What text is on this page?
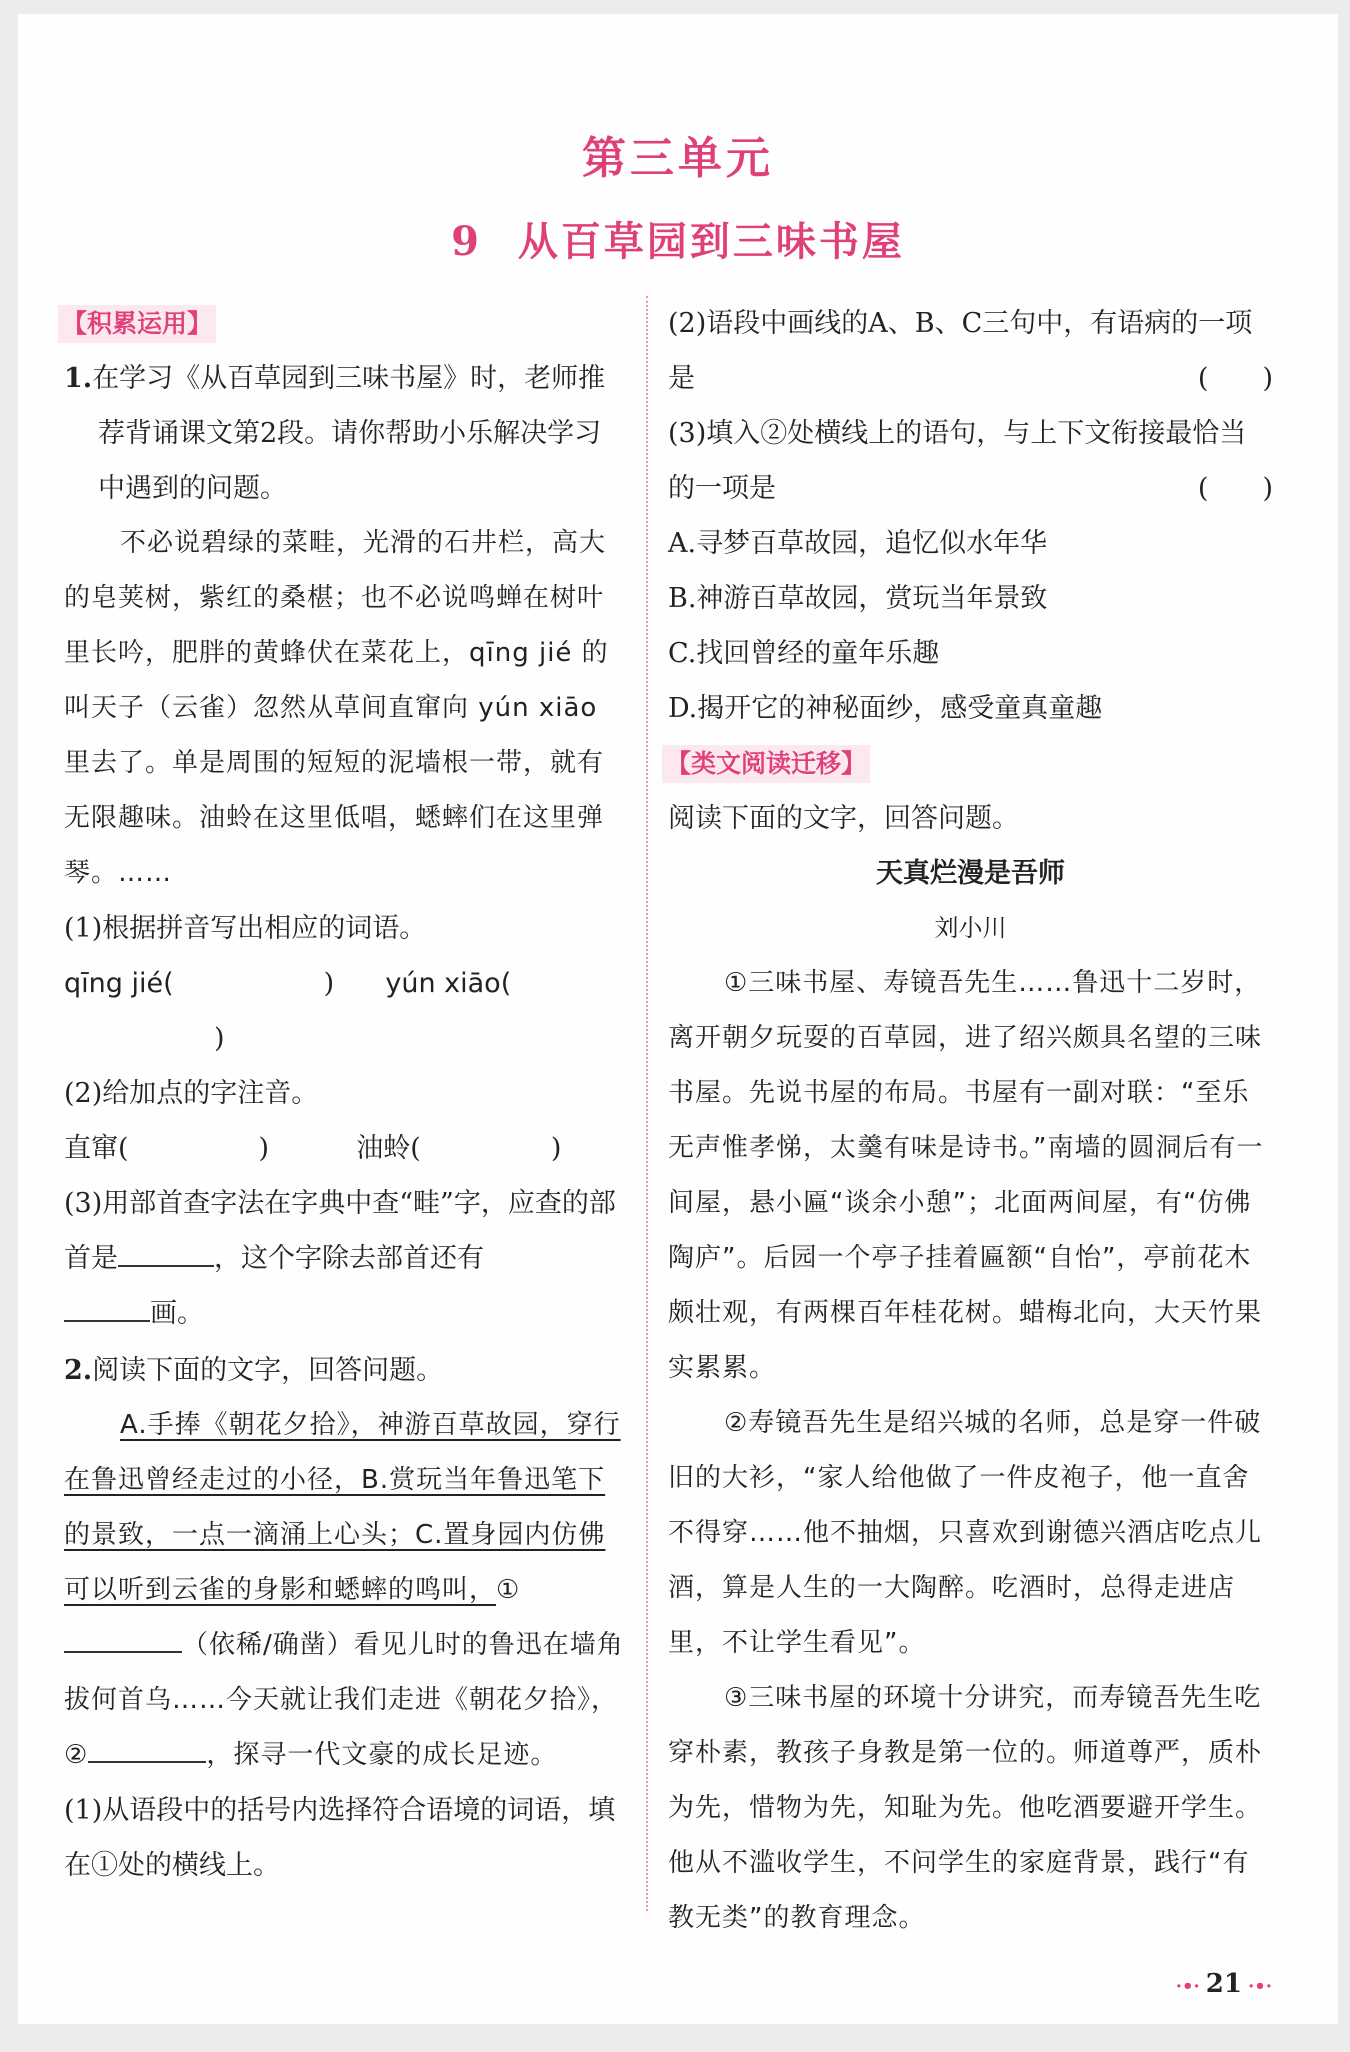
第三单元
9 从百草园到三味书屋
【积累运用】

1.在学习《从百草园到三味书屋》时，老师推荐背诵课文第2段。请你帮助小乐解决学习中遇到的问题。

不必说碧绿的菜畦，光滑的石井栏，高大的皂荚树，紫红的桑椹；也不必说鸣蝉在树叶里长吟，肥胖的黄蜂伏在菜花上，qīng jié 的叫天子（云雀）忽然从草间直窜向 yún xiāo 里去了。单是周围的短短的泥墙根一带，就有无限趣味。油蛉在这里低唱，蟋蟀们在这里弹琴。……

(1)根据拼音写出相应的词语。

qīng jié(	) yún xiāo()

(2)给加点的字注音。

直窜(	)	油蛉(	)

(3)用部首查字法在字典中查“畦”字，应查的部首是	，这个字除去部首还有
画。

2.阅读下面的文字，回答问题。

A.手捧《朝花夕拾》，神游百草故园，穿行在鲁迅曾经走过的小径，B.赏玩当年鲁迅笔下的景致，一点一滴涌上心头；C.置身园内仿佛可以听到云雀的身影和蟋蟀的鸣叫，①（依稀/确凿）看见儿时的鲁迅在墙角拔何首乌……今天就让我们走进《朝花夕拾》，②	，探寻一代文豪的成长足迹。

(1)从语段中的括号内选择符合语境的词语，填在①处的横线上。

(2)语段中画线的A、B、C三句中，有语病的一项是	(　　)

(3)填入②处横线上的语句，与上下文衔接最恰当的一项是	(　　)

A.寻梦百草故园，追忆似水年华

B.神游百草故园，赏玩当年景致

C.找回曾经的童年乐趣

D.揭开它的神秘面纱，感受童真童趣

【类文阅读迁移】

阅读下面的文字，回答问题。

天真烂漫是吾师

刘小川

①三味书屋、寿镜吾先生……鲁迅十二岁时，离开朝夕玩耍的百草园，进了绍兴颇具名望的三味书屋。先说书屋的布局。书屋有一副对联：“至乐无声惟孝悌，太羹有味是诗书。”南墙的圆洞后有一间屋，悬小匾“谈余小憩”；北面两间屋，有“仿佛陶庐”。后园一个亭子挂着匾额“自怡”，亭前花木颇壮观，有两棵百年桂花树。蜡梅北向，大天竹果实累累。

②寿镜吾先生是绍兴城的名师，总是穿一件破旧的大衫，“家人给他做了一件皮袍子，他一直舍不得穿……他不抽烟，只喜欢到谢德兴酒店吃点儿酒，算是人生的一大陶醉。吃酒时，总得走进店里，不让学生看见”。

③三味书屋的环境十分讲究，而寿镜吾先生吃穿朴素，教孩子身教是第一位的。师道尊严，质朴为先，惜物为先，知耻为先。他吃酒要避开学生。他从不滥收学生，不问学生的家庭背景，践行“有教无类”的教育理念。

·•· 21 ·•·
